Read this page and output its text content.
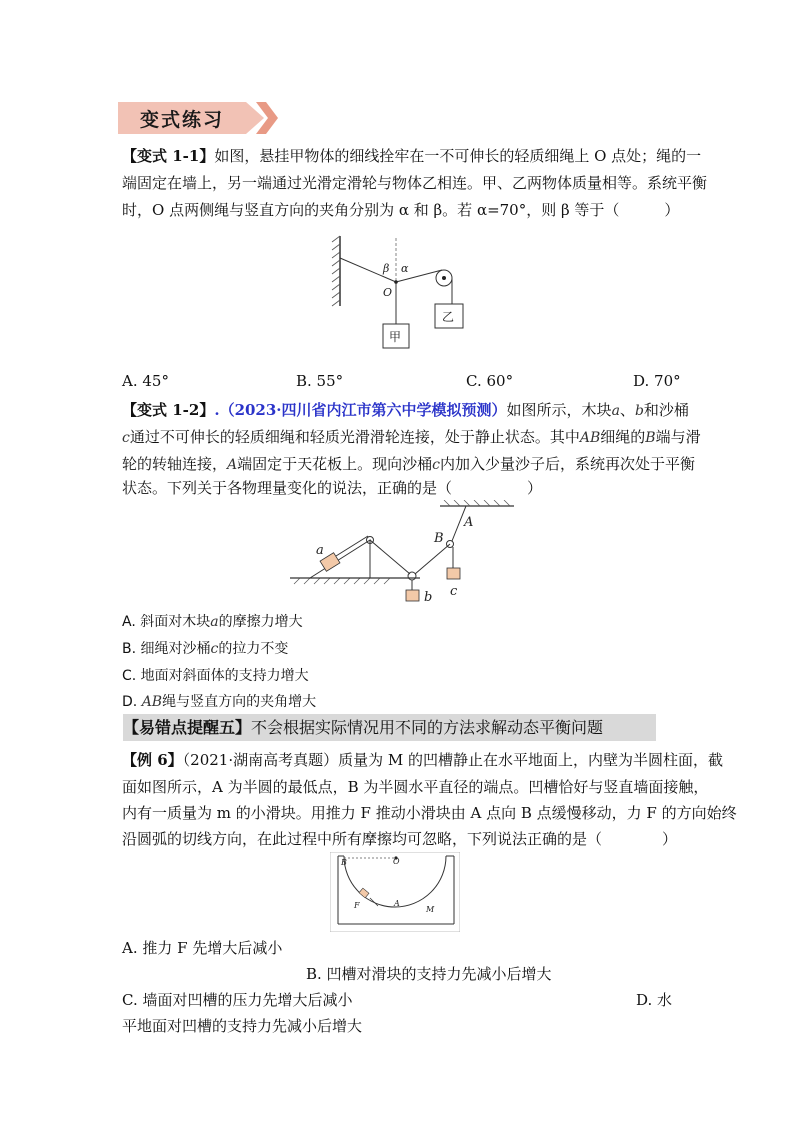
变式练习
【变式 1-1】如图，悬挂甲物体的细线拴牢在一不可伸长的轻质细绳上 O 点处；绳的一
端固定在墙上，另一端通过光滑定滑轮与物体乙相连。甲、乙两物体质量相等。系统平衡
时，O 点两侧绳与竖直方向的夹角分别为 α 和 β。若 α=70°，则 β 等于（　　　）
β α
O
甲
乙
A. 45°	B. 55°	C. 60°	D. 70°
【变式 1-2】.（2023·四川省内江市第六中学模拟预测）如图所示，木块a、b和沙桶
c通过不可伸长的轻质细绳和轻质光滑滑轮连接，处于静止状态。其中AB细绳的B端与滑
轮的转轴连接，A端固定于天花板上。现向沙桶c内加入少量沙子后，系统再次处于平衡
状态。下列关于各物理量变化的说法，正确的是（　　　　　）
a
b c
A
B
A. 斜面对木块a的摩擦力增大
B. 细绳对沙桶c的拉力不变
C. 地面对斜面体的支持力增大
D. AB绳与竖直方向的夹角增大
【易错点提醒五】不会根据实际情况用不同的方法求解动态平衡问题
【例 6】（2021·湖南高考真题）质量为 M 的凹槽静止在水平地面上，内壁为半圆柱面，截
面如图所示，A 为半圆的最低点，B 为半圆水平直径的端点。凹槽恰好与竖直墙面接触，
内有一质量为 m 的小滑块。用推力 F 推动小滑块由 A 点向 B 点缓慢移动，力 F 的方向始终
沿圆弧的切线方向，在此过程中所有摩擦均可忽略，下列说法正确的是（　　　　）
B	O
F	A
M
A. 推力 F 先增大后减小
B. 凹槽对滑块的支持力先减小后增大
C. 墙面对凹槽的压力先增大后减小	D. 水
平地面对凹槽的支持力先减小后增大
